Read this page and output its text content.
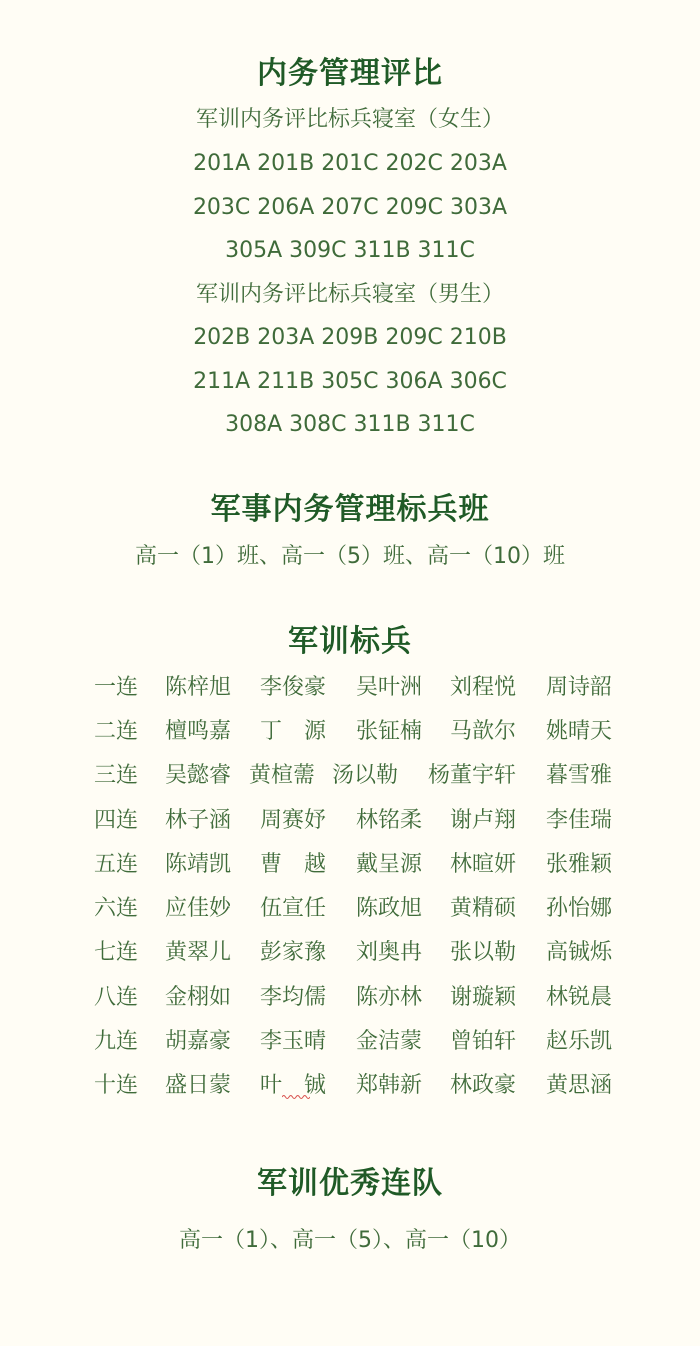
内务管理评比
军训内务评比标兵寝室（女生）
201A 201B 201C 202C 203A
203C 206A 207C 209C 303A
305A 309C 311B 311C
军训内务评比标兵寝室（男生）
202B 203A 209B 209C 210B
211A 211B 305C 306A 306C
308A 308C 311B 311C
军事内务管理标兵班
高一（1）班、高一（5）班、高一（10）班
军训标兵
一连 陈梓旭 李俊豪 吴叶洲 刘程悦 周诗韶
二连 檀鸣嘉 丁　源 张钲楠 马歆尔 姚晴天
三连 吴懿睿 黄楦薷 汤以勒 杨董宇轩 暮雪雅
四连 林子涵 周赛妤 林铭柔 谢卢翔 李佳瑞
五连 陈靖凯 曹　越 戴呈源 林暄妍 张雅颖
六连 应佳妙 伍宣任 陈政旭 黄精硕 孙怡娜
七连 黄翠儿 彭家豫 刘奥冉 张以勒 高铖烁
八连 金栩如 李均儒 陈亦林 谢璇颖 林锐晨
九连 胡嘉豪 李玉晴 金洁蒙 曾铂轩 赵乐凯
十连 盛日蒙 叶　铖 郑韩新 林政豪 黄思涵
军训优秀连队
高一（1）、高一（5）、高一（10）
